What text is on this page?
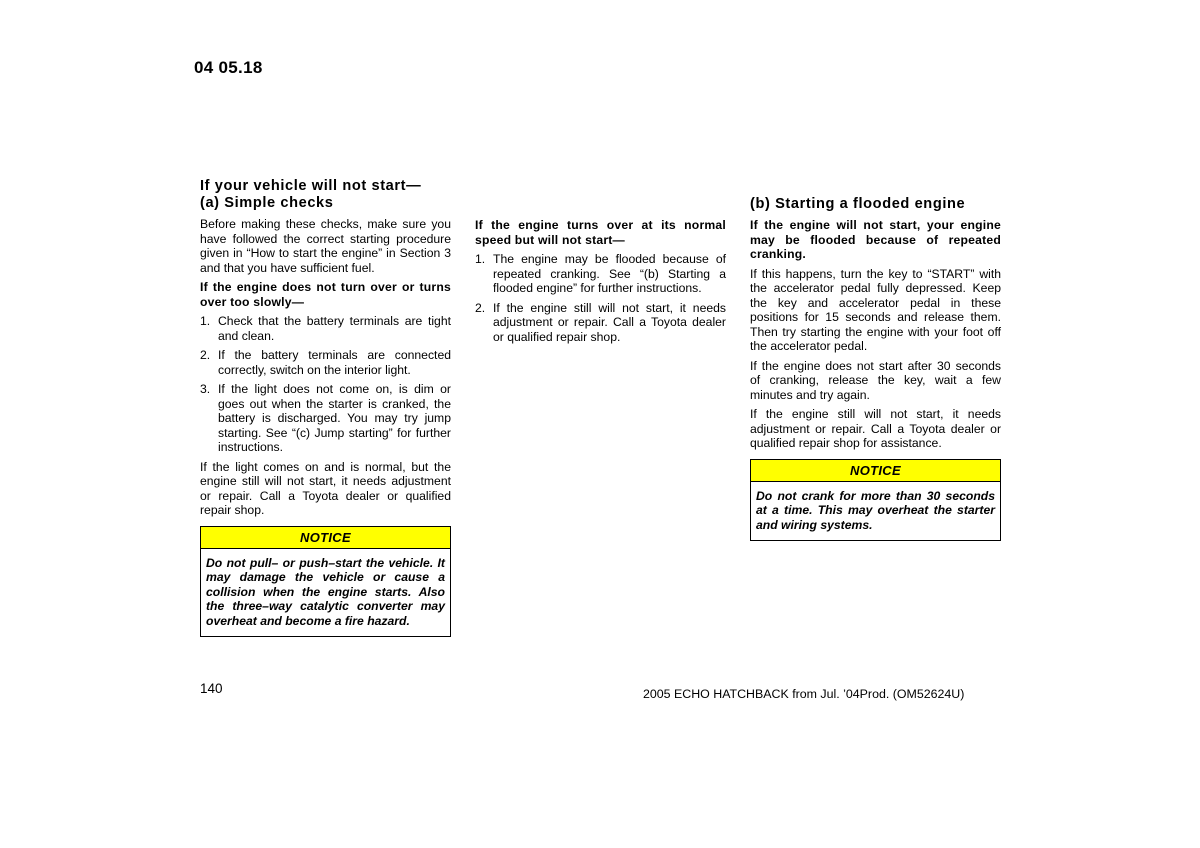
04 05.18
If your vehicle will not start—
(a) Simple checks

Before making these checks, make sure you have followed the correct starting procedure given in “How to start the engine” in Section 3 and that you have sufficient fuel.

If the engine does not turn over or turns over too slowly—

1. Check that the battery terminals are tight and clean.
2. If the battery terminals are connected correctly, switch on the interior light.
3. If the light does not come on, is dim or goes out when the starter is cranked, the battery is discharged. You may try jump starting. See “(c) Jump starting” for further instructions.

If the light comes on and is normal, but the engine still will not start, it needs adjustment or repair. Call a Toyota dealer or qualified repair shop.

NOTICE
Do not pull– or push–start the vehicle. It may damage the vehicle or cause a collision when the engine starts. Also the three–way catalytic converter may overheat and become a fire hazard.

If the engine turns over at its normal speed but will not start—

1. The engine may be flooded because of repeated cranking. See “(b) Starting a flooded engine” for further instructions.
2. If the engine still will not start, it needs adjustment or repair. Call a Toyota dealer or qualified repair shop.
(b) Starting a flooded engine

If the engine will not start, your engine may be flooded because of repeated cranking.

If this happens, turn the key to “START” with the accelerator pedal fully depressed. Keep the key and accelerator pedal in these positions for 15 seconds and release them. Then try starting the engine with your foot off the accelerator pedal.

If the engine does not start after 30 seconds of cranking, release the key, wait a few minutes and try again.

If the engine still will not start, it needs adjustment or repair. Call a Toyota dealer or qualified repair shop for assistance.

NOTICE
Do not crank for more than 30 seconds at a time. This may overheat the starter and wiring systems.
140	2005 ECHO HATCHBACK from Jul. ’04Prod. (OM52624U)
